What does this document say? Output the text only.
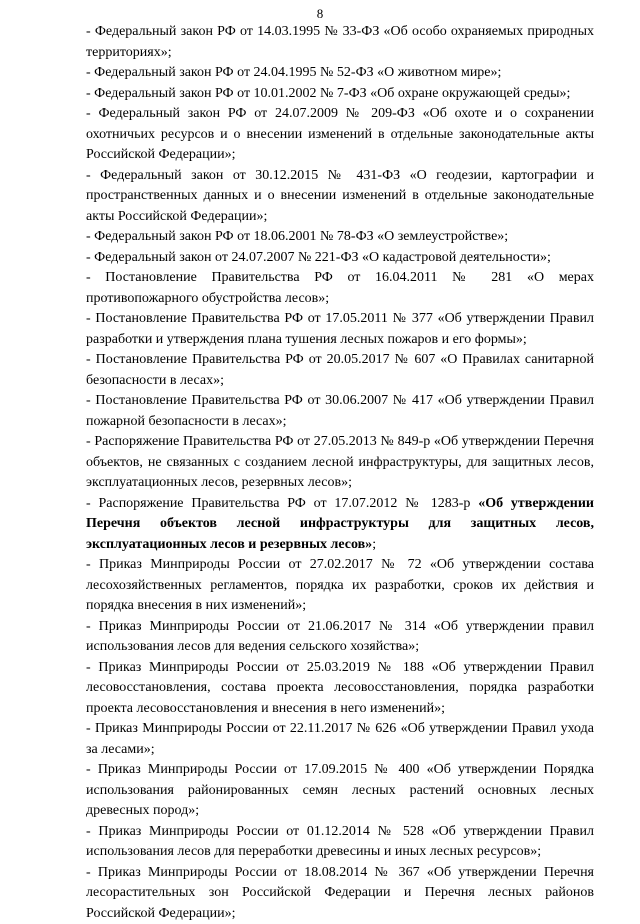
8

- Федеральный закон РФ от 14.03.1995 № 33-ФЗ «Об особо охраняемых природных территориях»;

- Федеральный закон РФ от 24.04.1995 № 52-ФЗ «О животном мире»;

- Федеральный закон РФ от 10.01.2002 № 7-ФЗ «Об охране окружающей среды»;

- Федеральный закон РФ от 24.07.2009 № 209-ФЗ «Об охоте и о сохранении охотничьих ресурсов и о внесении изменений в отдельные законодательные акты Российской Федерации»;

- Федеральный закон от 30.12.2015 № 431-ФЗ «О геодезии, картографии и пространственных данных и о внесении изменений в отдельные законодательные акты Российской Федерации»;

- Федеральный закон РФ от 18.06.2001 № 78-ФЗ «О землеустройстве»;

- Федеральный закон от 24.07.2007 № 221-ФЗ «О кадастровой деятельности»;

- Постановление Правительства РФ от 16.04.2011 № 281 «О мерах противопожарного обустройства лесов»;

- Постановление Правительства РФ от 17.05.2011 № 377 «Об утверждении Правил разработки и утверждения плана тушения лесных пожаров и его формы»;

- Постановление Правительства РФ от 20.05.2017 № 607 «О Правилах санитарной безопасности в лесах»;

- Постановление Правительства РФ от 30.06.2007 № 417 «Об утверждении Правил пожарной безопасности в лесах»;

- Распоряжение Правительства РФ от 27.05.2013 № 849-р «Об утверждении Перечня объектов, не связанных с созданием лесной инфраструктуры, для защитных лесов, эксплуатационных лесов, резервных лесов»;

- Распоряжение Правительства РФ от 17.07.2012 № 1283-р «Об утверждении Перечня объектов лесной инфраструктуры для защитных лесов, эксплуатационных лесов и резервных лесов»;

- Приказ Минприроды России от 27.02.2017 № 72 «Об утверждении состава лесохозяйственных регламентов, порядка их разработки, сроков их действия и порядка внесения в них изменений»;

- Приказ Минприроды России от 21.06.2017 № 314 «Об утверждении правил использования лесов для ведения сельского хозяйства»;

- Приказ Минприроды России от 25.03.2019 № 188 «Об утверждении Правил лесовосстановления, состава проекта лесовосстановления, порядка разработки проекта лесовосстановления и внесения в него изменений»;

- Приказ Минприроды России от 22.11.2017 № 626 «Об утверждении Правил ухода за лесами»;

- Приказ Минприроды России от 17.09.2015 № 400 «Об утверждении Порядка использования районированных семян лесных растений основных лесных древесных пород»;

- Приказ Минприроды России от 01.12.2014 № 528 «Об утверждении Правил использования лесов для переработки древесины и иных лесных ресурсов»;

- Приказ Минприроды России от 18.08.2014 № 367 «Об утверждении Перечня лесорастительных зон Российской Федерации и Перечня лесных районов Российской Федерации»;
